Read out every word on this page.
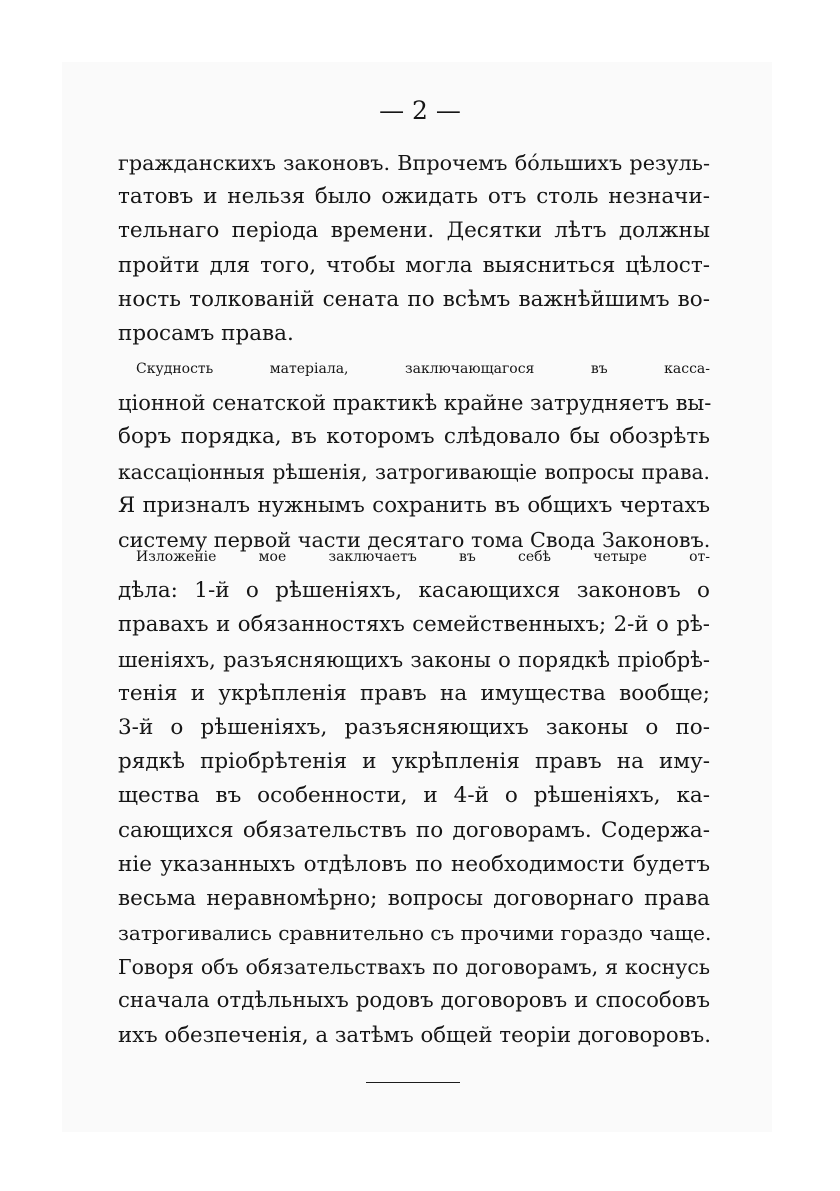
— 2 —
гражданскихъ законовъ. Впрочемъ бóльшихъ резуль-
татовъ и нельзя было ожидать отъ столь незначи-
тельнаго періода времени. Десятки лѣтъ должны
пройти для того, чтобы могла выясниться цѣлост-
ность толкованій сената по всѣмъ важнѣйшимъ во-
просамъ права.
Скудность матеріала, заключающагося въ касса-
ціонной сенатской практикѣ крайне затрудняетъ вы-
боръ порядка, въ которомъ слѣдовало бы обозрѣть
кассаціонныя рѣшенія, затрогивающіе вопросы права.
Я призналъ нужнымъ сохранить въ общихъ чертахъ
систему первой части десятаго тома Свода Законовъ.
Изложеніе мое заключаетъ въ себѣ четыре от-
дѣла: 1-й о рѣшеніяхъ, касающихся законовъ о
правахъ и обязанностяхъ семейственныхъ; 2-й о рѣ-
шеніяхъ, разъясняющихъ законы о порядкѣ пріобрѣ-
тенія и укрѣпленія правъ на имущества вообще;
3-й о рѣшеніяхъ, разъясняющихъ законы о по-
рядкѣ пріобрѣтенія и укрѣпленія правъ на иму-
щества въ особенности, и 4-й о рѣшеніяхъ, ка-
сающихся обязательствъ по договорамъ. Содержа-
ніе указанныхъ отдѣловъ по необходимости будетъ
весьма неравномѣрно; вопросы договорнаго права
затрогивались сравнительно съ прочими гораздо чаще.
Говоря объ обязательствахъ по договорамъ, я коснусь
сначала отдѣльныхъ родовъ договоровъ и способовъ
ихъ обезпеченія, а затѣмъ общей теоріи договоровъ.
